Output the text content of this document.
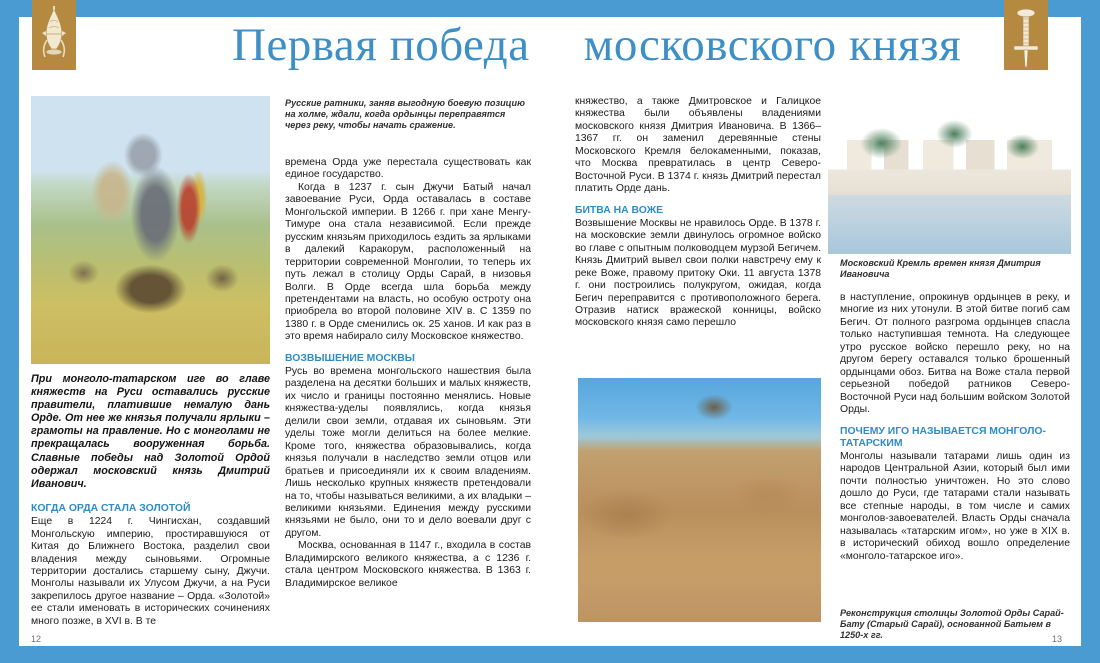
Первая победа московского князя
При монголо-татарском иге во главе княжеств на Руси оставались русские правители, платившие немалую дань Орде. От нее же князья получали ярлыки – грамоты на правление. Но с монголами не прекращалась вооруженная борьба. Славные победы над Золотой Ордой одержал московский князь Дмитрий Иванович.
КОГДА ОРДА СТАЛА ЗОЛОТОЙ

Еще в 1224 г. Чингисхан, создавший Монгольскую империю, простиравшуюся от Китая до Ближнего Востока, разделил свои владения между сыновьями. Огромные территории достались старшему сыну, Джучи. Монголы называли их Улусом Джучи, а на Руси закрепилось другое название – Орда. «Золотой» ее стали именовать в исторических сочинениях много позже, в XVI в. В те

Русские ратники, заняв выгодную боевую позицию на холме, ждали, когда ордынцы переправятся через реку, чтобы начать сражение.

времена Орда уже перестала существовать как единое государство.

Когда в 1237 г. сын Джучи Батый начал завоевание Руси, Орда оставалась в составе Монгольской империи. В 1266 г. при хане Менгу-Тимуре она стала независимой. Если прежде русским князьям приходилось ездить за ярлыками в далекий Каракорум, расположенный на территории современной Монголии, то теперь их путь лежал в столицу Орды Сарай, в низовья Волги. В Орде всегда шла борьба между претендентами на власть, но особую остроту она приобрела во второй половине XIV в. С 1359 по 1380 г. в Орде сменились ок. 25 ханов. И как раз в это время набирало силу Московское княжество.

ВОЗВЫШЕНИЕ МОСКВЫ

Русь во времена монгольского нашествия была разделена на десятки больших и малых княжеств, их число и границы постоянно менялись. Новые княжества-уделы появлялись, когда князья делили свои земли, отдавая их сыновьям. Эти уделы тоже могли делиться на более мелкие. Кроме того, княжества образовывались, когда князья получали в наследство земли отцов или братьев и присоединяли их к своим владениям. Лишь несколько крупных княжеств претендовали на то, чтобы называться великими, а их владыки – великими князьями. Единения между русскими князьями не было, они то и дело воевали друг с другом.

Москва, основанная в 1147 г., входила в состав Владимирского великого княжества, а с 1236 г. стала центром Московского княжества. В 1363 г. Владимирское великое

12

княжество, а также Дмитровское и Галицкое княжества были объявлены владениями московского князя Дмитрия Ивановича. В 1366–1367 гг. он заменил деревянные стены Московского Кремля белокаменными, показав, что Москва превратилась в центр Северо-Восточной Руси. В 1374 г. князь Дмитрий перестал платить Орде дань.

БИТВА НА ВОЖЕ

Возвышение Москвы не нравилось Орде. В 1378 г. на московские земли двинулось огромное войско во главе с опытным полководцем мурзой Бегичем. Князь Дмитрий вывел свои полки навстречу ему к реке Воже, правому притоку Оки. 11 августа 1378 г. они построились полукругом, ожидая, когда Бегич переправится с противоположного берега. Отразив натиск вражеской конницы, войско московского князя само перешло

Московский Кремль времен князя Дмитрия Ивановича

в наступление, опрокинув ордынцев в реку, и многие из них утонули. В этой битве погиб сам Бегич. От полного разгрома ордынцев спасла только наступившая темнота. На следующее утро русское войско перешло реку, но на другом берегу оставался только брошенный ордынцами обоз. Битва на Воже стала первой серьезной победой ратников Северо-Восточной Руси над большим войском Золотой Орды.

ПОЧЕМУ ИГО НАЗЫВАЕТСЯ МОНГОЛО-ТАТАРСКИМ

Монголы называли татарами лишь один из народов Центральной Азии, который был ими почти полностью уничтожен. Но это слово дошло до Руси, где татарами стали называть все степные народы, в том числе и самих монголов-завоевателей. Власть Орды сначала называлась «татарским игом», но уже в XIX в. в исторический обиход вошло определение «монголо-татарское иго».

Реконструкция столицы Золотой Орды Сарай-Бату (Старый Сарай), основанной Батыем в 1250-х гг.	13
